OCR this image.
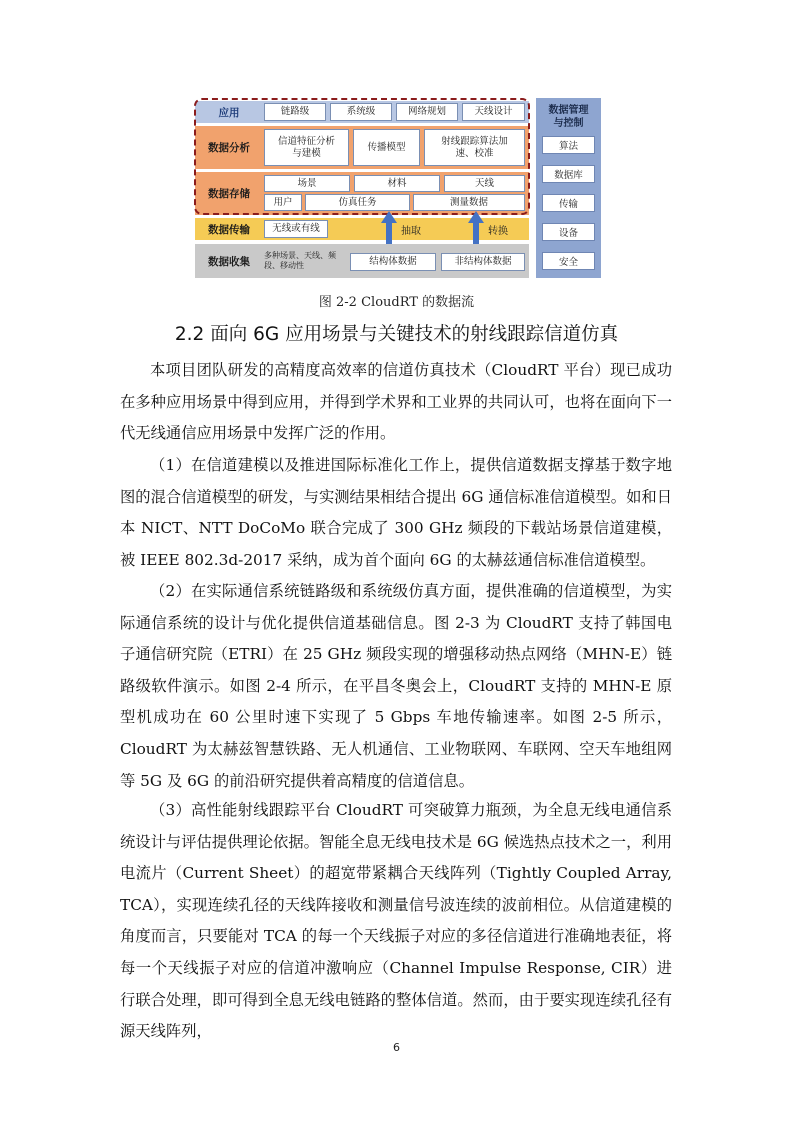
应用	链路级	系统级	网络规划	天线设计
数据分析
信道特征分析与建模
传播模型
射线跟踪算法加速、校准
数据存储
场景	材料	天线
用户	仿真任务	测量数据
数据传输	无线或有线	抽取	转换
数据收集
多种场景、天线、频段、移动性	结构体数据	非结构体数据
数据管理与控制
算法
数据库
传输
设备
安全
图 2-2 CloudRT 的数据流
2.2 面向 6G 应用场景与关键技术的射线跟踪信道仿真

本项目团队研发的高精度高效率的信道仿真技术（CloudRT 平台）现已成功在多种应用场景中得到应用，并得到学术界和工业界的共同认可，也将在面向下一代无线通信应用场景中发挥广泛的作用。

（1）在信道建模以及推进国际标准化工作上，提供信道数据支撑基于数字地图的混合信道模型的研发，与实测结果相结合提出 6G 通信标准信道模型。如和日本 NICT、NTT DoCoMo 联合完成了 300 GHz 频段的下载站场景信道建模，被 IEEE 802.3d-2017 采纳，成为首个面向 6G 的太赫兹通信标准信道模型。

（2）在实际通信系统链路级和系统级仿真方面，提供准确的信道模型，为实际通信系统的设计与优化提供信道基础信息。图 2-3 为 CloudRT 支持了韩国电子通信研究院（ETRI）在 25 GHz 频段实现的增强移动热点网络（MHN-E）链路级软件演示。如图 2-4 所示，在平昌冬奥会上，CloudRT 支持的 MHN-E 原型机成功在 60 公里时速下实现了 5 Gbps 车地传输速率。如图 2-5 所示，CloudRT 为太赫兹智慧铁路、无人机通信、工业物联网、车联网、空天车地组网等 5G 及 6G 的前沿研究提供着高精度的信道信息。

（3）高性能射线跟踪平台 CloudRT 可突破算力瓶颈，为全息无线电通信系统设计与评估提供理论依据。智能全息无线电技术是 6G 候选热点技术之一，利用电流片（Current Sheet）的超宽带紧耦合天线阵列（Tightly Coupled Array, TCA），实现连续孔径的天线阵接收和测量信号波连续的波前相位。从信道建模的角度而言，只要能对 TCA 的每一个天线振子对应的多径信道进行准确地表征，将每一个天线振子对应的信道冲激响应（Channel Impulse Response, CIR）进行联合处理，即可得到全息无线电链路的整体信道。然而，由于要实现连续孔径有源天线阵列，

6
